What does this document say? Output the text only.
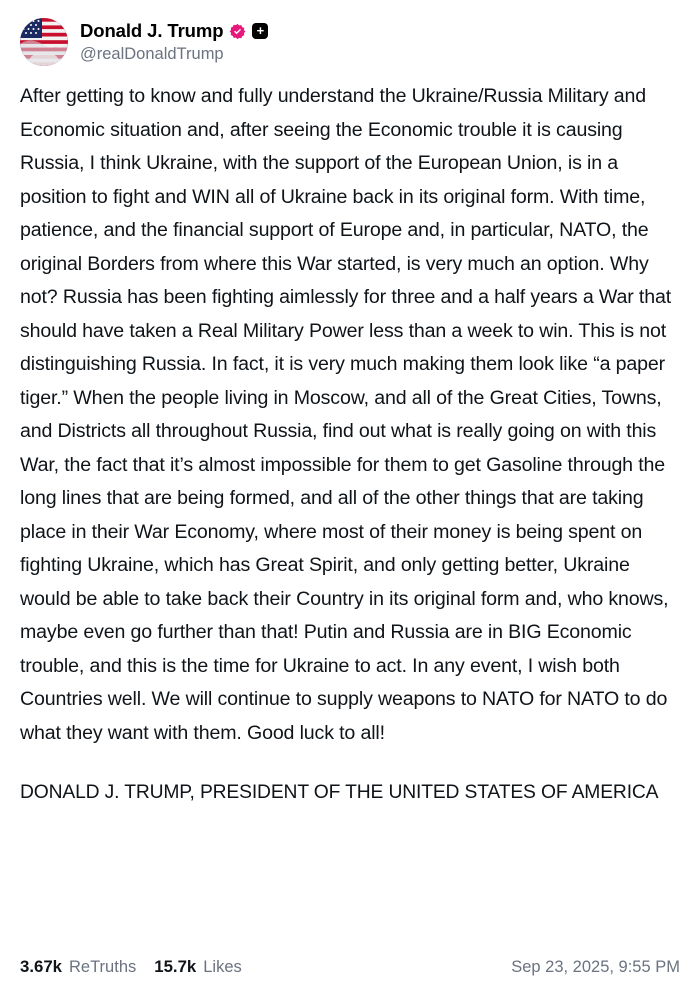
Donald J. Trump	+
@realDonaldTrump

After getting to know and fully understand the Ukraine/Russia Military and Economic situation and, after seeing the Economic trouble it is causing Russia, I think Ukraine, with the support of the European Union, is in a position to fight and WIN all of Ukraine back in its original form. With time, patience, and the financial support of Europe and, in particular, NATO, the original Borders from where this War started, is very much an option. Why not? Russia has been fighting aimlessly for three and a half years a War that should have taken a Real Military Power less than a week to win. This is not distinguishing Russia. In fact, it is very much making them look like “a paper tiger.” When the people living in Moscow, and all of the Great Cities, Towns, and Districts all throughout Russia, find out what is really going on with this War, the fact that it’s almost impossible for them to get Gasoline through the long lines that are being formed, and all of the other things that are taking place in their War Economy, where most of their money is being spent on fighting Ukraine, which has Great Spirit, and only getting better, Ukraine would be able to take back their Country in its original form and, who knows, maybe even go further than that! Putin and Russia are in BIG Economic trouble, and this is the time for Ukraine to act. In any event, I wish both Countries well. We will continue to supply weapons to NATO for NATO to do what they want with them. Good luck to all!

DONALD J. TRUMP, PRESIDENT OF THE UNITED STATES OF AMERICA

3.67k ReTruths 15.7k Likes	Sep 23, 2025, 9:55 PM
